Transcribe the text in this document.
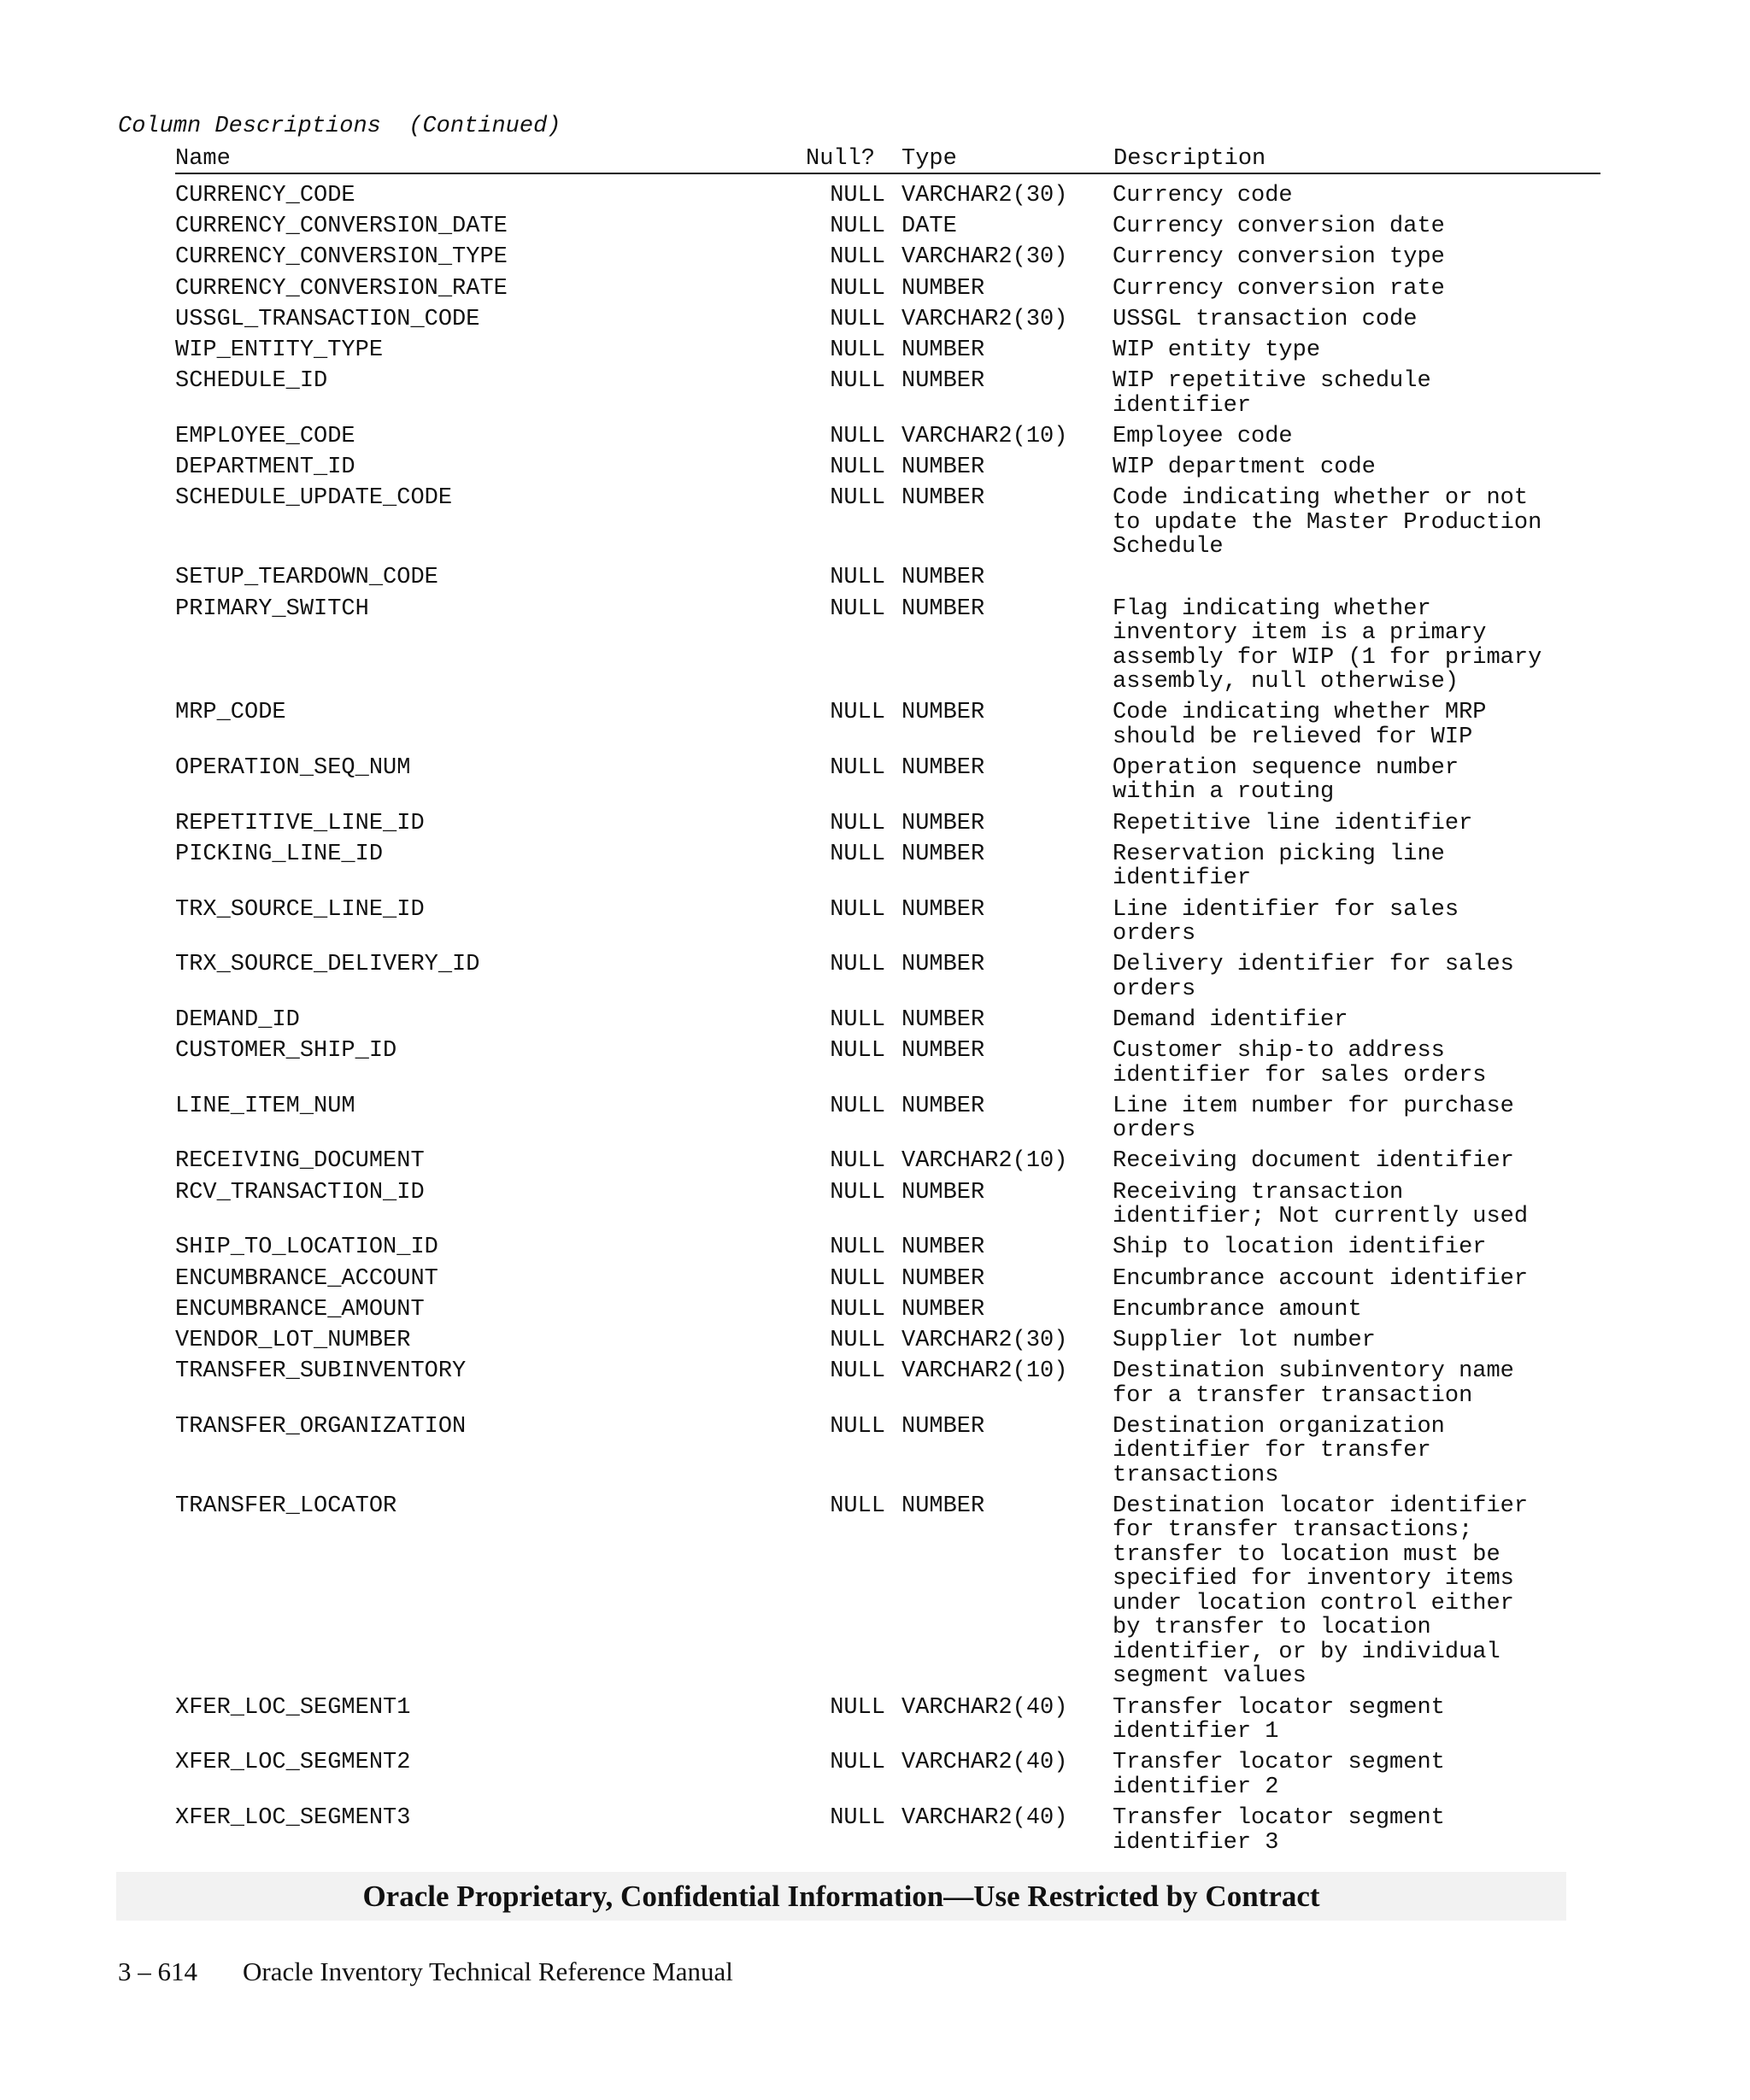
Column Descriptions  (Continued)
Name	Null? Type	Description
CURRENCY_CODE	NULL VARCHAR2(30)	Currency code
CURRENCY_CONVERSION_DATE	NULL DATE	Currency conversion date
CURRENCY_CONVERSION_TYPE	NULL VARCHAR2(30)	Currency conversion type
CURRENCY_CONVERSION_RATE	NULL NUMBER	Currency conversion rate
USSGL_TRANSACTION_CODE	NULL VARCHAR2(30)	USSGL transaction code
WIP_ENTITY_TYPE	NULL NUMBER	WIP entity type
SCHEDULE_ID	NULL NUMBER	WIP repetitive schedule
identifier
EMPLOYEE_CODE	NULL VARCHAR2(10)	Employee code
DEPARTMENT_ID	NULL NUMBER	WIP department code
SCHEDULE_UPDATE_CODE	NULL NUMBER	Code indicating whether or not
to update the Master Production
Schedule
SETUP_TEARDOWN_CODE	NULL NUMBER
PRIMARY_SWITCH	NULL NUMBER	Flag indicating whether
inventory item is a primary
assembly for WIP (1 for primary
assembly, null otherwise)
MRP_CODE	NULL NUMBER	Code indicating whether MRP
should be relieved for WIP
OPERATION_SEQ_NUM	NULL NUMBER	Operation sequence number
within a routing
REPETITIVE_LINE_ID	NULL NUMBER	Repetitive line identifier
PICKING_LINE_ID	NULL NUMBER	Reservation picking line
identifier
TRX_SOURCE_LINE_ID	NULL NUMBER	Line identifier for sales
orders
TRX_SOURCE_DELIVERY_ID	NULL NUMBER	Delivery identifier for sales
orders
DEMAND_ID	NULL NUMBER	Demand identifier
CUSTOMER_SHIP_ID	NULL NUMBER	Customer ship-to address
identifier for sales orders
LINE_ITEM_NUM	NULL NUMBER	Line item number for purchase
orders
RECEIVING_DOCUMENT	NULL VARCHAR2(10)	Receiving document identifier
RCV_TRANSACTION_ID	NULL NUMBER	Receiving transaction
identifier; Not currently used
SHIP_TO_LOCATION_ID	NULL NUMBER	Ship to location identifier
ENCUMBRANCE_ACCOUNT	NULL NUMBER	Encumbrance account identifier
ENCUMBRANCE_AMOUNT	NULL NUMBER	Encumbrance amount
VENDOR_LOT_NUMBER	NULL VARCHAR2(30)	Supplier lot number
TRANSFER_SUBINVENTORY	NULL VARCHAR2(10)	Destination subinventory name
for a transfer transaction
TRANSFER_ORGANIZATION	NULL NUMBER	Destination organization
identifier for transfer
transactions
TRANSFER_LOCATOR	NULL NUMBER	Destination locator identifier
for transfer transactions;
transfer to location must be
specified for inventory items
under location control either
by transfer to location
identifier, or by individual
segment values
XFER_LOC_SEGMENT1	NULL VARCHAR2(40)	Transfer locator segment
identifier 1
XFER_LOC_SEGMENT2	NULL VARCHAR2(40)	Transfer locator segment
identifier 2
XFER_LOC_SEGMENT3	NULL VARCHAR2(40)	Transfer locator segment
identifier 3
Oracle Proprietary, Confidential Information––Use Restricted by Contract
3 – 614 Oracle Inventory Technical Reference Manual
